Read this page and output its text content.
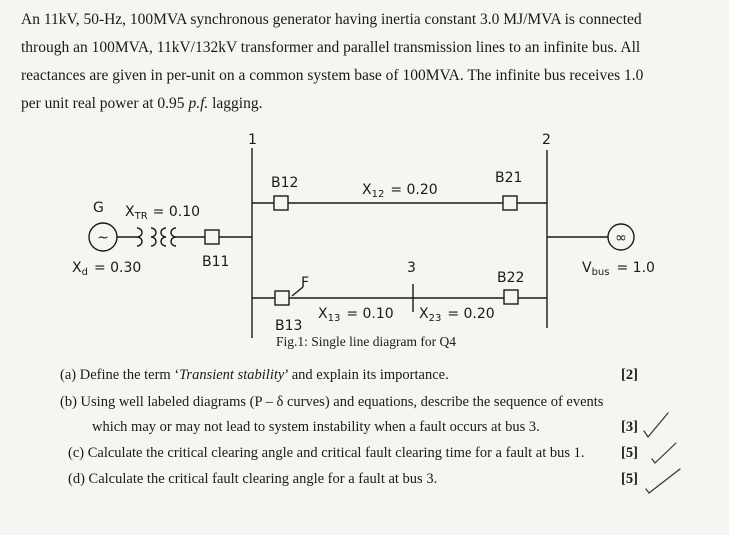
An 11kV, 50-Hz, 100MVA synchronous generator having inertia constant 3.0 MJ/MVA is connected
through an 100MVA, 11kV/132kV transformer and parallel transmission lines to an infinite bus. All
reactances are given in per-unit on a common system base of 100MVA. The infinite bus receives 1.0
per unit real power at 0.95 p.f. lagging.
~	∞
1	2
3
G $X_{TR} = 0.10$
$X_d = 0.30$	B11
B12
B13
B21
B22
$X_{12} = 0.20$
$X_{13} = 0.10$ $X_{23} = 0.20$
F
$V_{bus} = 1.0$
Fig.1: Single line diagram for Q4
(a) Define the term ‘Transient stability’ and explain its importance.	[2]
(b) Using well labeled diagrams (P – δ curves) and equations, describe the sequence of events
which may or may not lead to system instability when a fault occurs at bus 3.	[3]
(c) Calculate the critical clearing angle and critical fault clearing time for a fault at bus 1.	[5]
(d) Calculate the critical fault clearing angle for a fault at bus 3.	[5]
